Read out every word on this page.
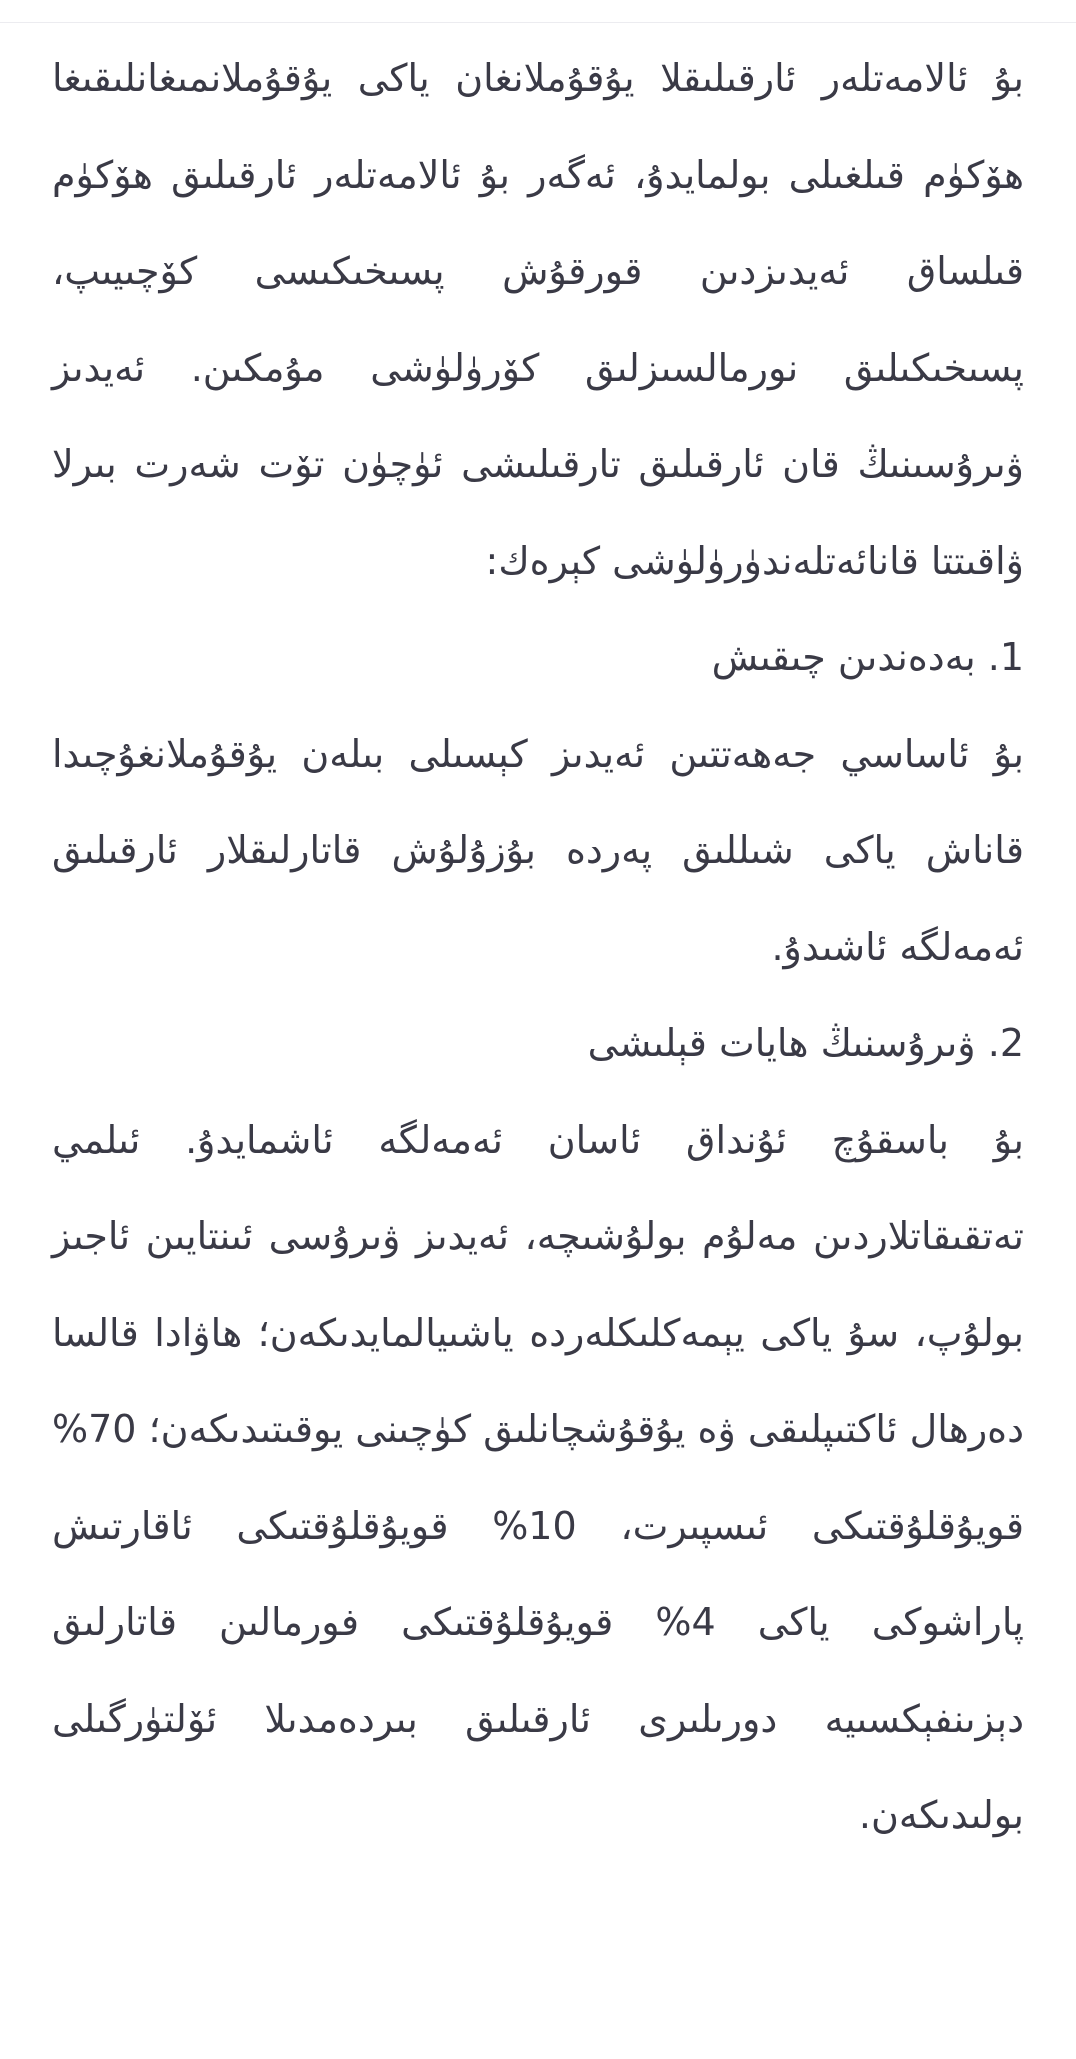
بۇ ئالامەتلەر ئارقىلىقلا يۇقۇملانغان ياكى يۇقۇملانمىغانلىقىغا ھۆكۈم قىلغىلى بولمايدۇ، ئەگەر بۇ ئالامەتلەر ئارقىلىق ھۆكۈم قىلساق ئەيدىزدىن قورقۇش پسىخىكىسى كۆچىيىپ، پسىخىكىلىق نورمالسىزلىق كۆرۈلۈشى مۇمكىن. ئەيدىز ۋىرۇسىنىڭ قان ئارقىلىق تارقىلىشى ئۈچۈن تۆت شەرت بىرلا ۋاقىتتا قانائەتلەندۈرۈلۈشى كېرەك:

1. بەدەندىن چىقىش

بۇ ئاساسي جەھەتتىن ئەيدىز كېسىلى بىلەن يۇقۇملانغۇچىدا قاناش ياكى شىللىق پەردە بۇزۇلۇش قاتارلىقلار ئارقىلىق ئەمەلگە ئاشىدۇ.

2. ۋىرۇسنىڭ ھايات قېلىشى

بۇ باسقۇچ ئۇنداق ئاسان ئەمەلگە ئاشمايدۇ. ئىلمي تەتقىقاتلاردىن مەلۇم بولۇشىچە، ئەيدىز ۋىرۇسى ئىنتايىن ئاجىز بولۇپ، سۇ ياكى يېمەكلىكلەردە ياشىيالمايدىكەن؛ ھاۋادا قالسا دەرھال ئاكتىپلىقى ۋە يۇقۇشچانلىق كۈچىنى يوقىتىدىكەن؛ 70% قويۇقلۇقتىكى ئىسپىرت، 10% قويۇقلۇقتىكى ئاقارتىش پاراشوكى ياكى 4% قويۇقلۇقتىكى فورمالىن قاتارلىق دېزىنفېكسىيە دورىلىرى ئارقىلىق بىردەمدىلا ئۆلتۈرگىلى بولىدىكەن.
